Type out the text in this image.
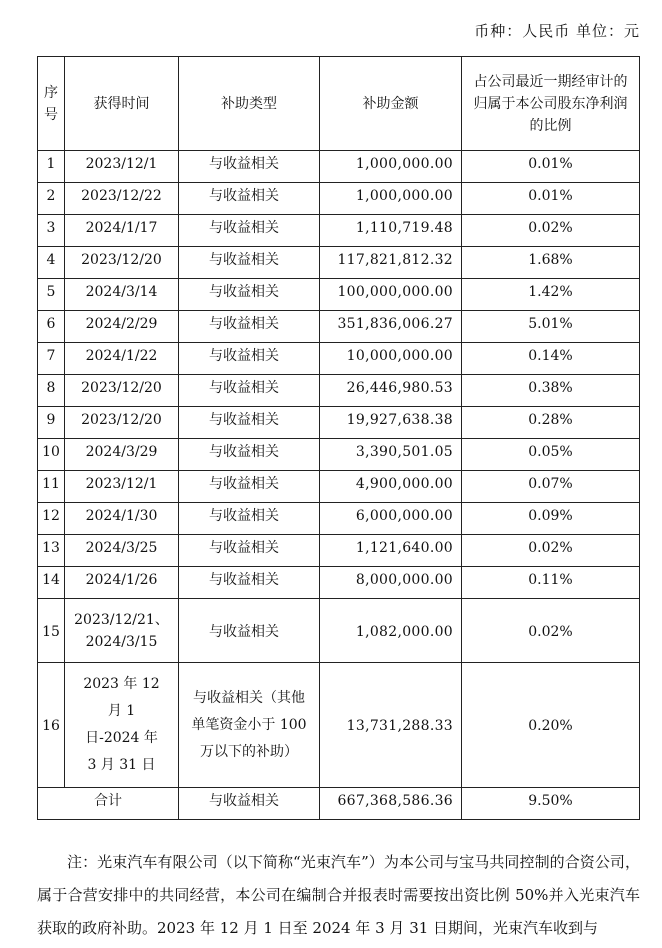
币种：人民币 单位：元
序号	获得时间	补助类型	补助金额	占公司最近一期经审计的归属于本公司股东净利润的比例
1	2023/12/1	与收益相关	1,000,000.00	0.01%
2	2023/12/22	与收益相关	1,000,000.00	0.01%
3	2024/1/17	与收益相关	1,110,719.48	0.02%
4	2023/12/20	与收益相关	117,821,812.32	1.68%
5	2024/3/14	与收益相关	100,000,000.00	1.42%
6	2024/2/29	与收益相关	351,836,006.27	5.01%
7	2024/1/22	与收益相关	10,000,000.00	0.14%
8	2023/12/20	与收益相关	26,446,980.53	0.38%
9	2023/12/20	与收益相关	19,927,638.38	0.28%
10	2024/3/29	与收益相关	3,390,501.05	0.05%
11	2023/12/1	与收益相关	4,900,000.00	0.07%
12	2024/1/30	与收益相关	6,000,000.00	0.09%
13	2024/3/25	与收益相关	1,121,640.00	0.02%
14	2024/1/26	与收益相关	8,000,000.00	0.11%
15	2023/12/21、2024/3/15	与收益相关	1,082,000.00	0.02%
16	2023 年 12 月 1 日-2024 年 3 月 31 日	与收益相关（其他单笔资金小于 100 万以下的补助）	13,731,288.33	0.20%
合计		与收益相关	667,368,586.36	9.50%
注：光束汽车有限公司（以下简称“光束汽车”）为本公司与宝马共同控制的合资公司，属于合营安排中的共同经营，本公司在编制合并报表时需要按出资比例 50%并入光束汽车获取的政府补助。2023 年 12 月 1 日至 2024 年 3 月 31 日期间，光束汽车收到与
